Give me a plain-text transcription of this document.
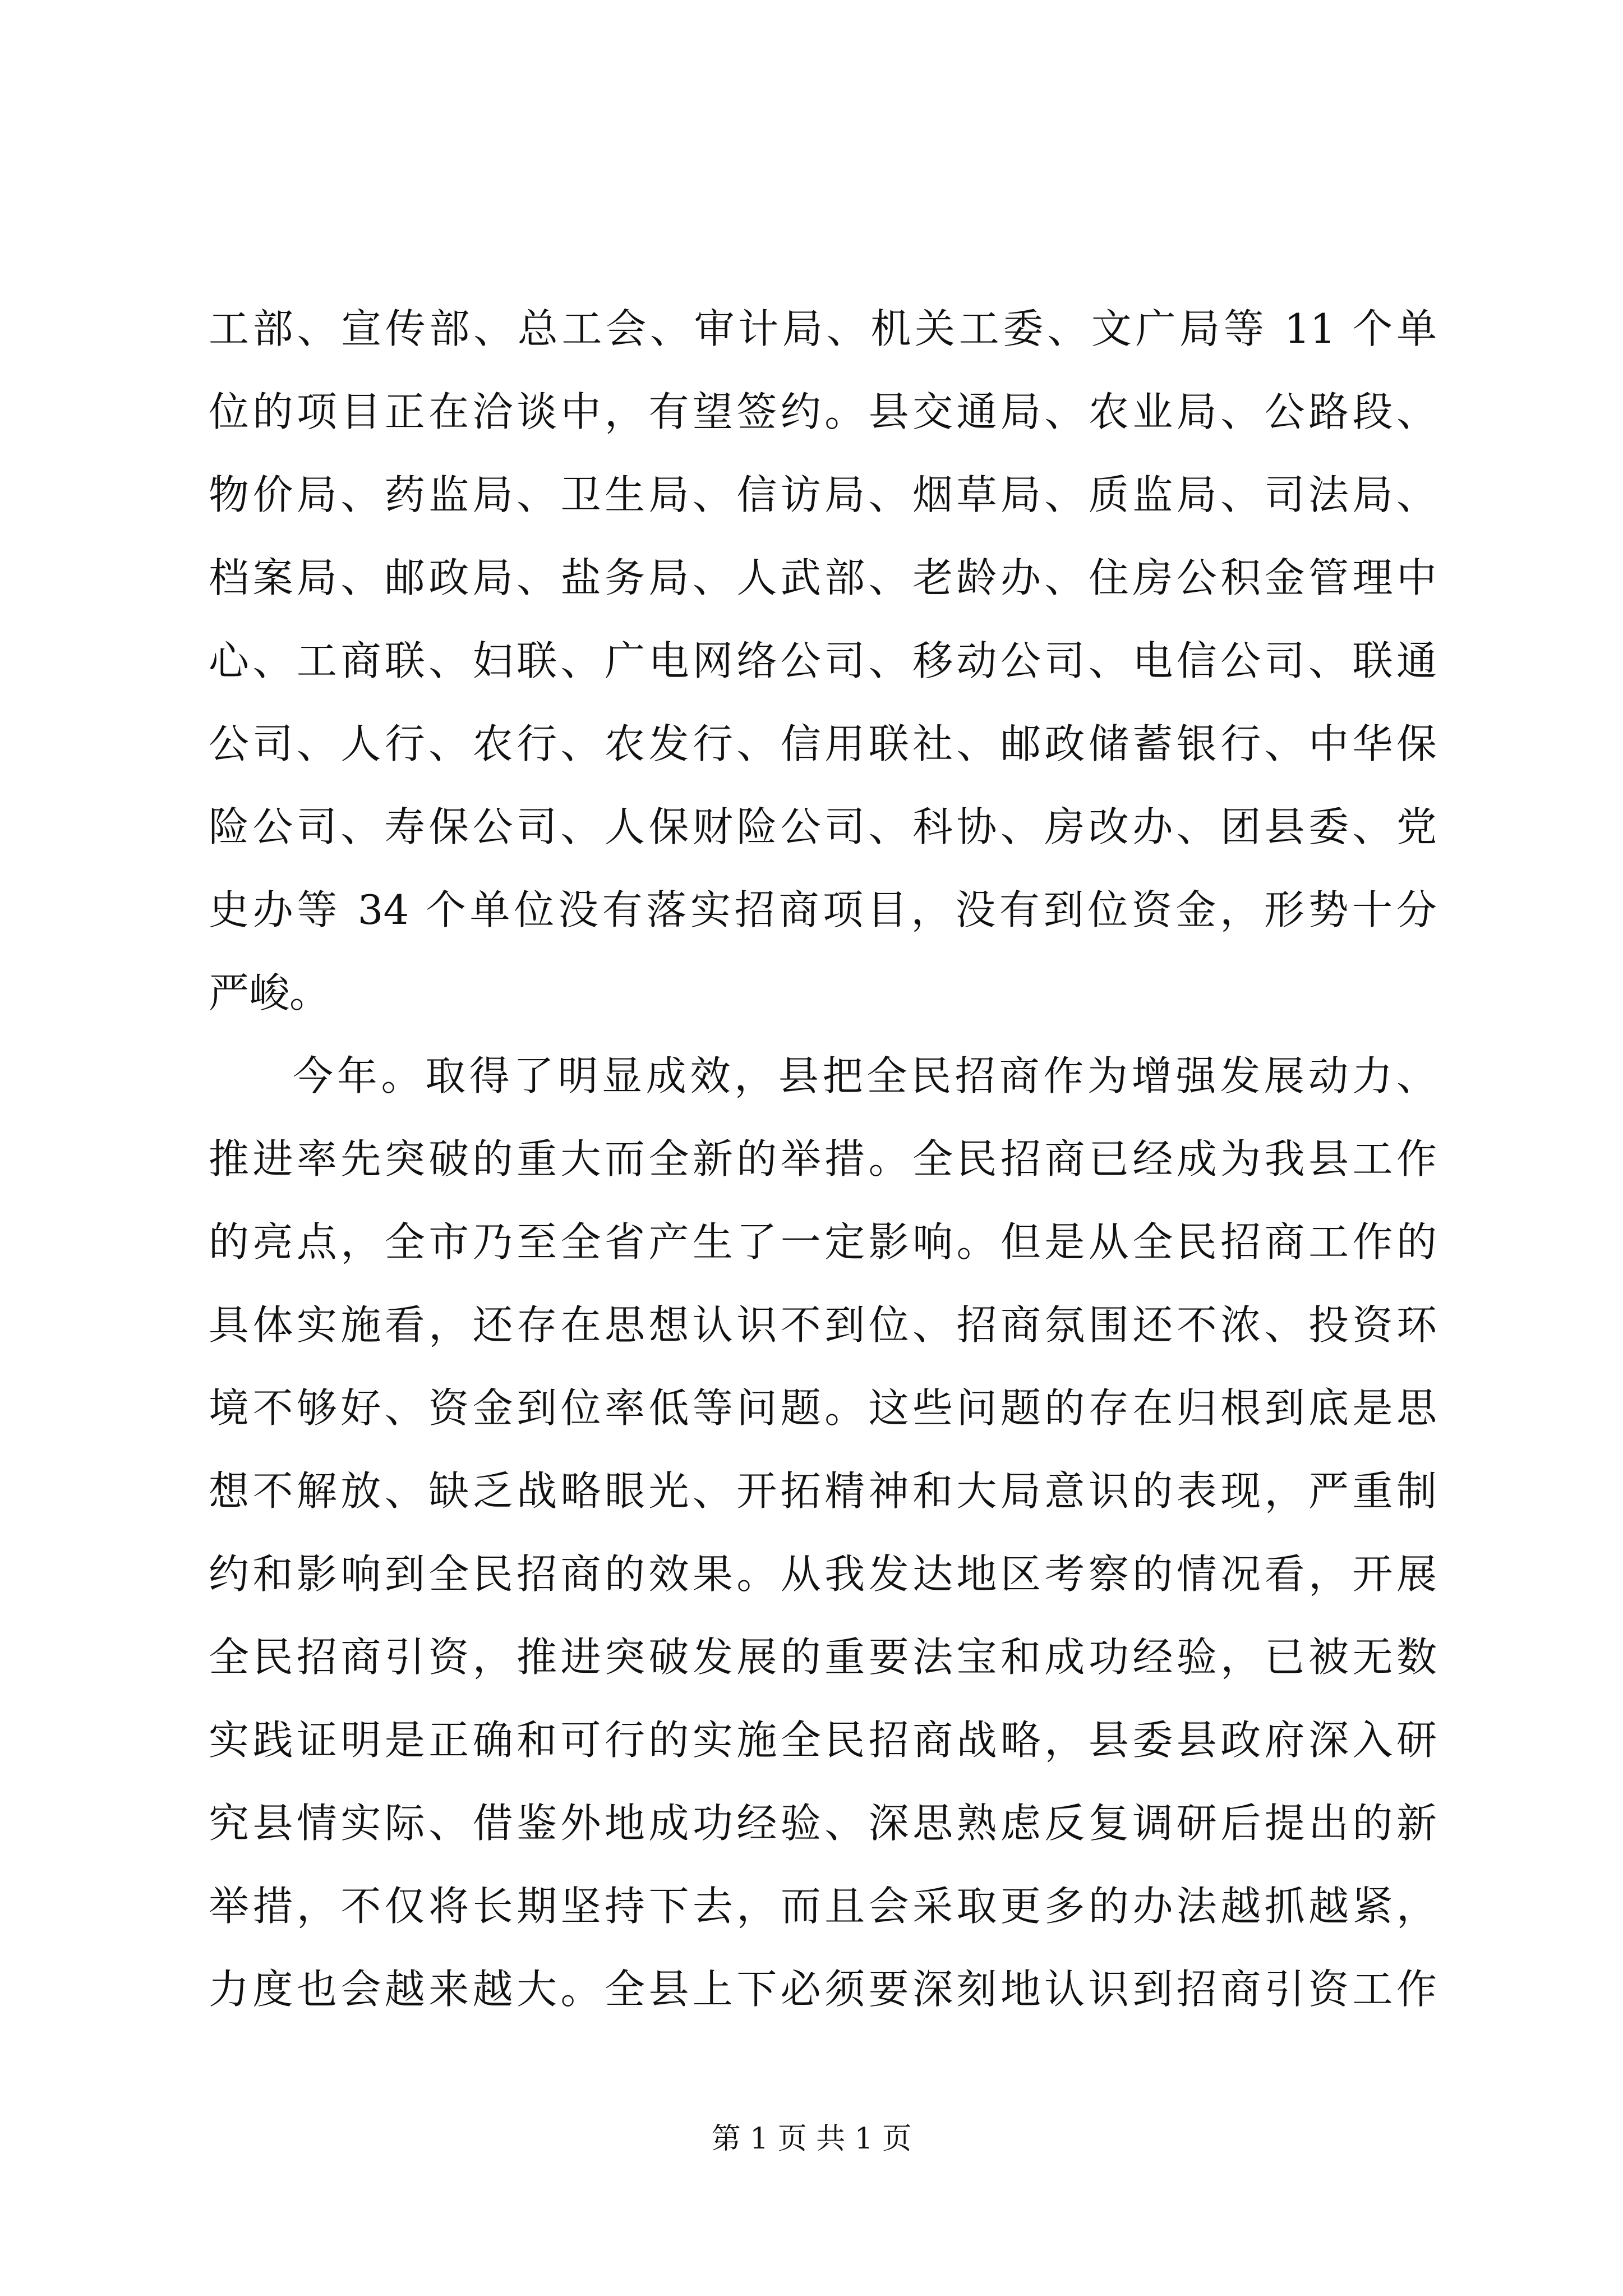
工部、宣传部、总工会、审计局、机关工委、文广局等 11 个单
位的项目正在洽谈中，有望签约。县交通局、农业局、公路段、
物价局、药监局、卫生局、信访局、烟草局、质监局、司法局、
档案局、邮政局、盐务局、人武部、老龄办、住房公积金管理中
心、工商联、妇联、广电网络公司、移动公司、电信公司、联通
公司、人行、农行、农发行、信用联社、邮政储蓄银行、中华保
险公司、寿保公司、人保财险公司、科协、房改办、团县委、党
史办等 34 个单位没有落实招商项目，没有到位资金，形势十分
严峻。
今年。取得了明显成效，县把全民招商作为增强发展动力、
推进率先突破的重大而全新的举措。全民招商已经成为我县工作
的亮点，全市乃至全省产生了一定影响。但是从全民招商工作的
具体实施看，还存在思想认识不到位、招商氛围还不浓、投资环
境不够好、资金到位率低等问题。这些问题的存在归根到底是思
想不解放、缺乏战略眼光、开拓精神和大局意识的表现，严重制
约和影响到全民招商的效果。从我发达地区考察的情况看，开展
全民招商引资，推进突破发展的重要法宝和成功经验，已被无数
实践证明是正确和可行的实施全民招商战略，县委县政府深入研
究县情实际、借鉴外地成功经验、深思熟虑反复调研后提出的新
举措，不仅将长期坚持下去，而且会采取更多的办法越抓越紧，
力度也会越来越大。全县上下必须要深刻地认识到招商引资工作
第 1 页 共 1 页
